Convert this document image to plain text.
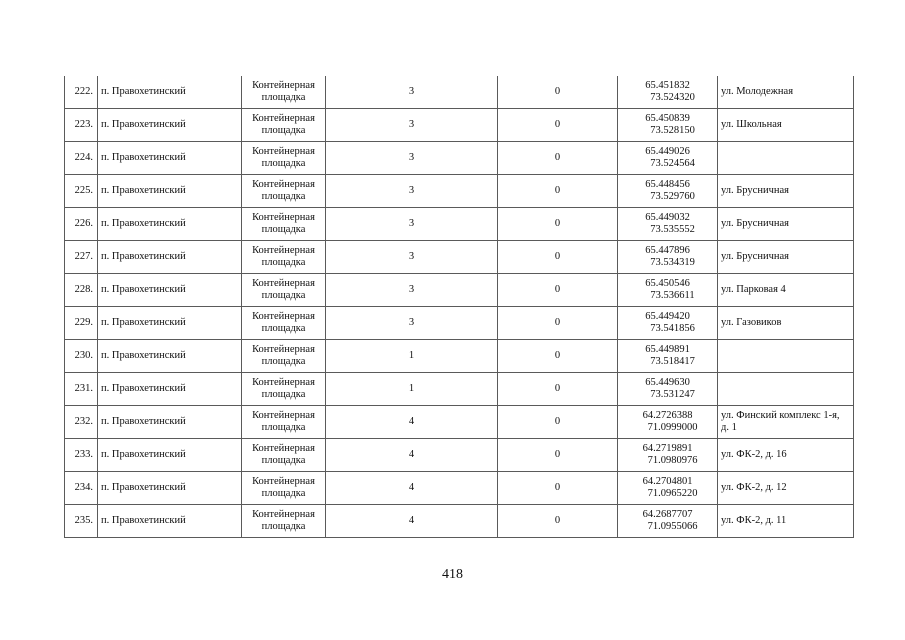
222.	п. Правохетинский	Контейнерная площадка	3	0	65.451832
73.524320	ул. Молодежная
223.	п. Правохетинский	Контейнерная площадка	3	0	65.450839
73.528150	ул. Школьная
224.	п. Правохетинский	Контейнерная площадка	3	0	65.449026
73.524564	

225.	п. Правохетинский	Контейнерная площадка	3	0	65.448456
73.529760	ул. Брусничная
226.	п. Правохетинский	Контейнерная площадка	3	0	65.449032
73.535552	ул. Брусничная
227.	п. Правохетинский	Контейнерная площадка	3	0	65.447896
73.534319	ул. Брусничная
228.	п. Правохетинский	Контейнерная площадка	3	0	65.450546
73.536611	ул. Парковая 4
229.	п. Правохетинский	Контейнерная площадка	3	0	65.449420
73.541856	ул. Газовиков
230.	п. Правохетинский	Контейнерная площадка	1	0	65.449891
73.518417	

231.	п. Правохетинский	Контейнерная площадка	1	0	65.449630
73.531247	

232.	п. Правохетинский	Контейнерная площадка	4	0	64.2726388
71.0999000	ул. Финский комплекс 1-я, д. 1
233.	п. Правохетинский	Контейнерная площадка	4	0	64.2719891
71.0980976	ул. ФК-2, д. 16
234.	п. Правохетинский	Контейнерная площадка	4	0	64.2704801
71.0965220	ул. ФК-2, д. 12
235.	п. Правохетинский	Контейнерная площадка	4	0	64.2687707
71.0955066	ул. ФК-2, д. 11
418
